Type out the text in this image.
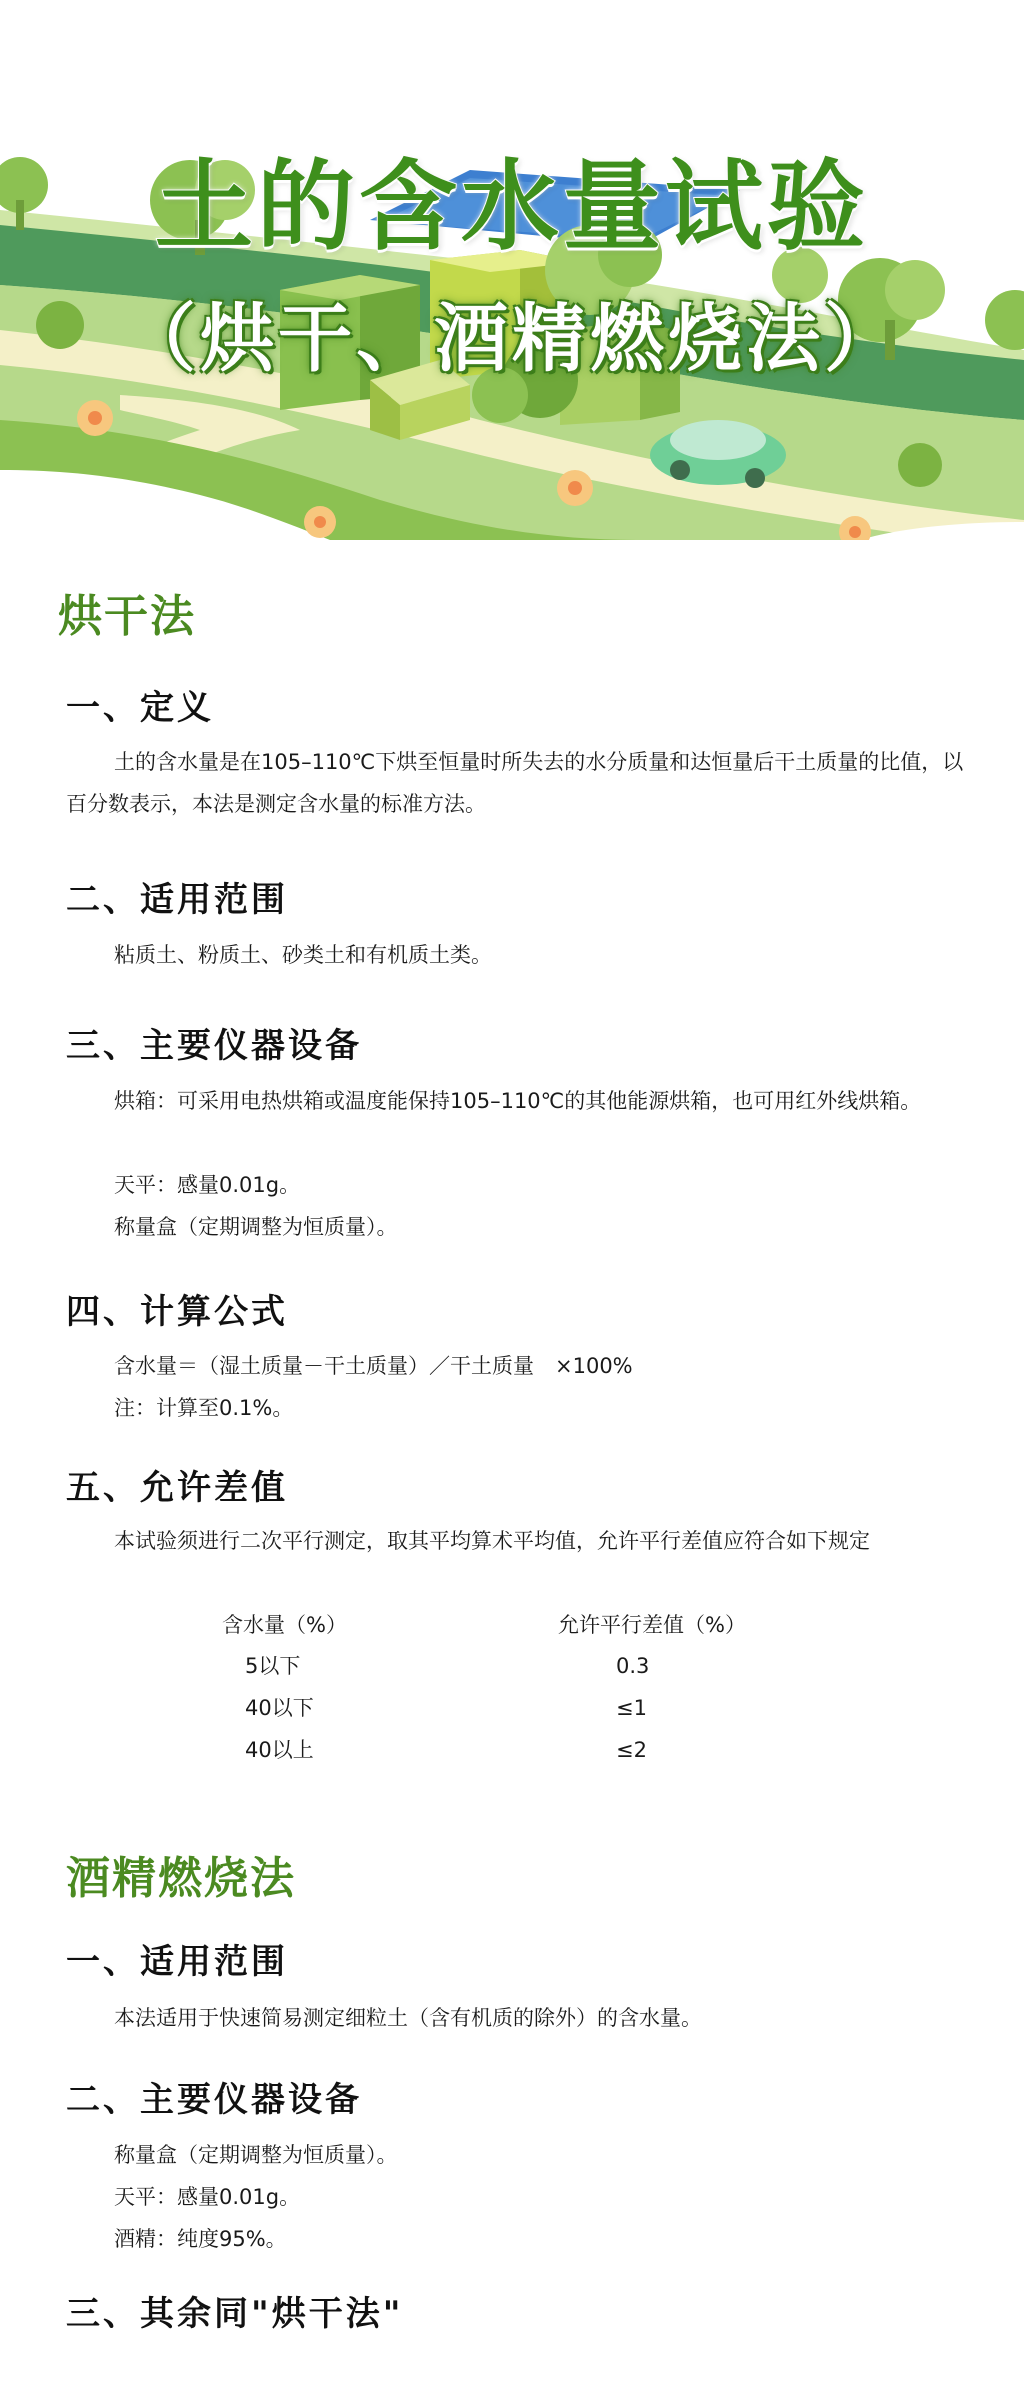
土的含水量试验
（烘干、酒精燃烧法）
烘干法
一、定义
土的含水量是在105–110℃下烘至恒量时所失去的水分质量和达恒量后干土质量的比值，以百分数表示，本法是测定含水量的标准方法。
二、适用范围
粘质土、粉质土、砂类土和有机质土类。
三、主要仪器设备
烘箱：可采用电热烘箱或温度能保持105–110℃的其他能源烘箱，也可用红外线烘箱。
天平：感量0.01g。
称量盒（定期调整为恒质量）。
四、计算公式
含水量＝（湿土质量－干土质量）／干土质量　×100%
注：计算至0.1%。
五、允许差值
本试验须进行二次平行测定，取其平均算术平均值，允许平行差值应符合如下规定
含水量（%）	允许平行差值（%）
5以下	0.3
40以下	≤1
40以上	≤2
酒精燃烧法
一、适用范围
本法适用于快速简易测定细粒土（含有机质的除外）的含水量。
二、主要仪器设备
称量盒（定期调整为恒质量）。
天平：感量0.01g。
酒精：纯度95%。
三、其余同"烘干法"
